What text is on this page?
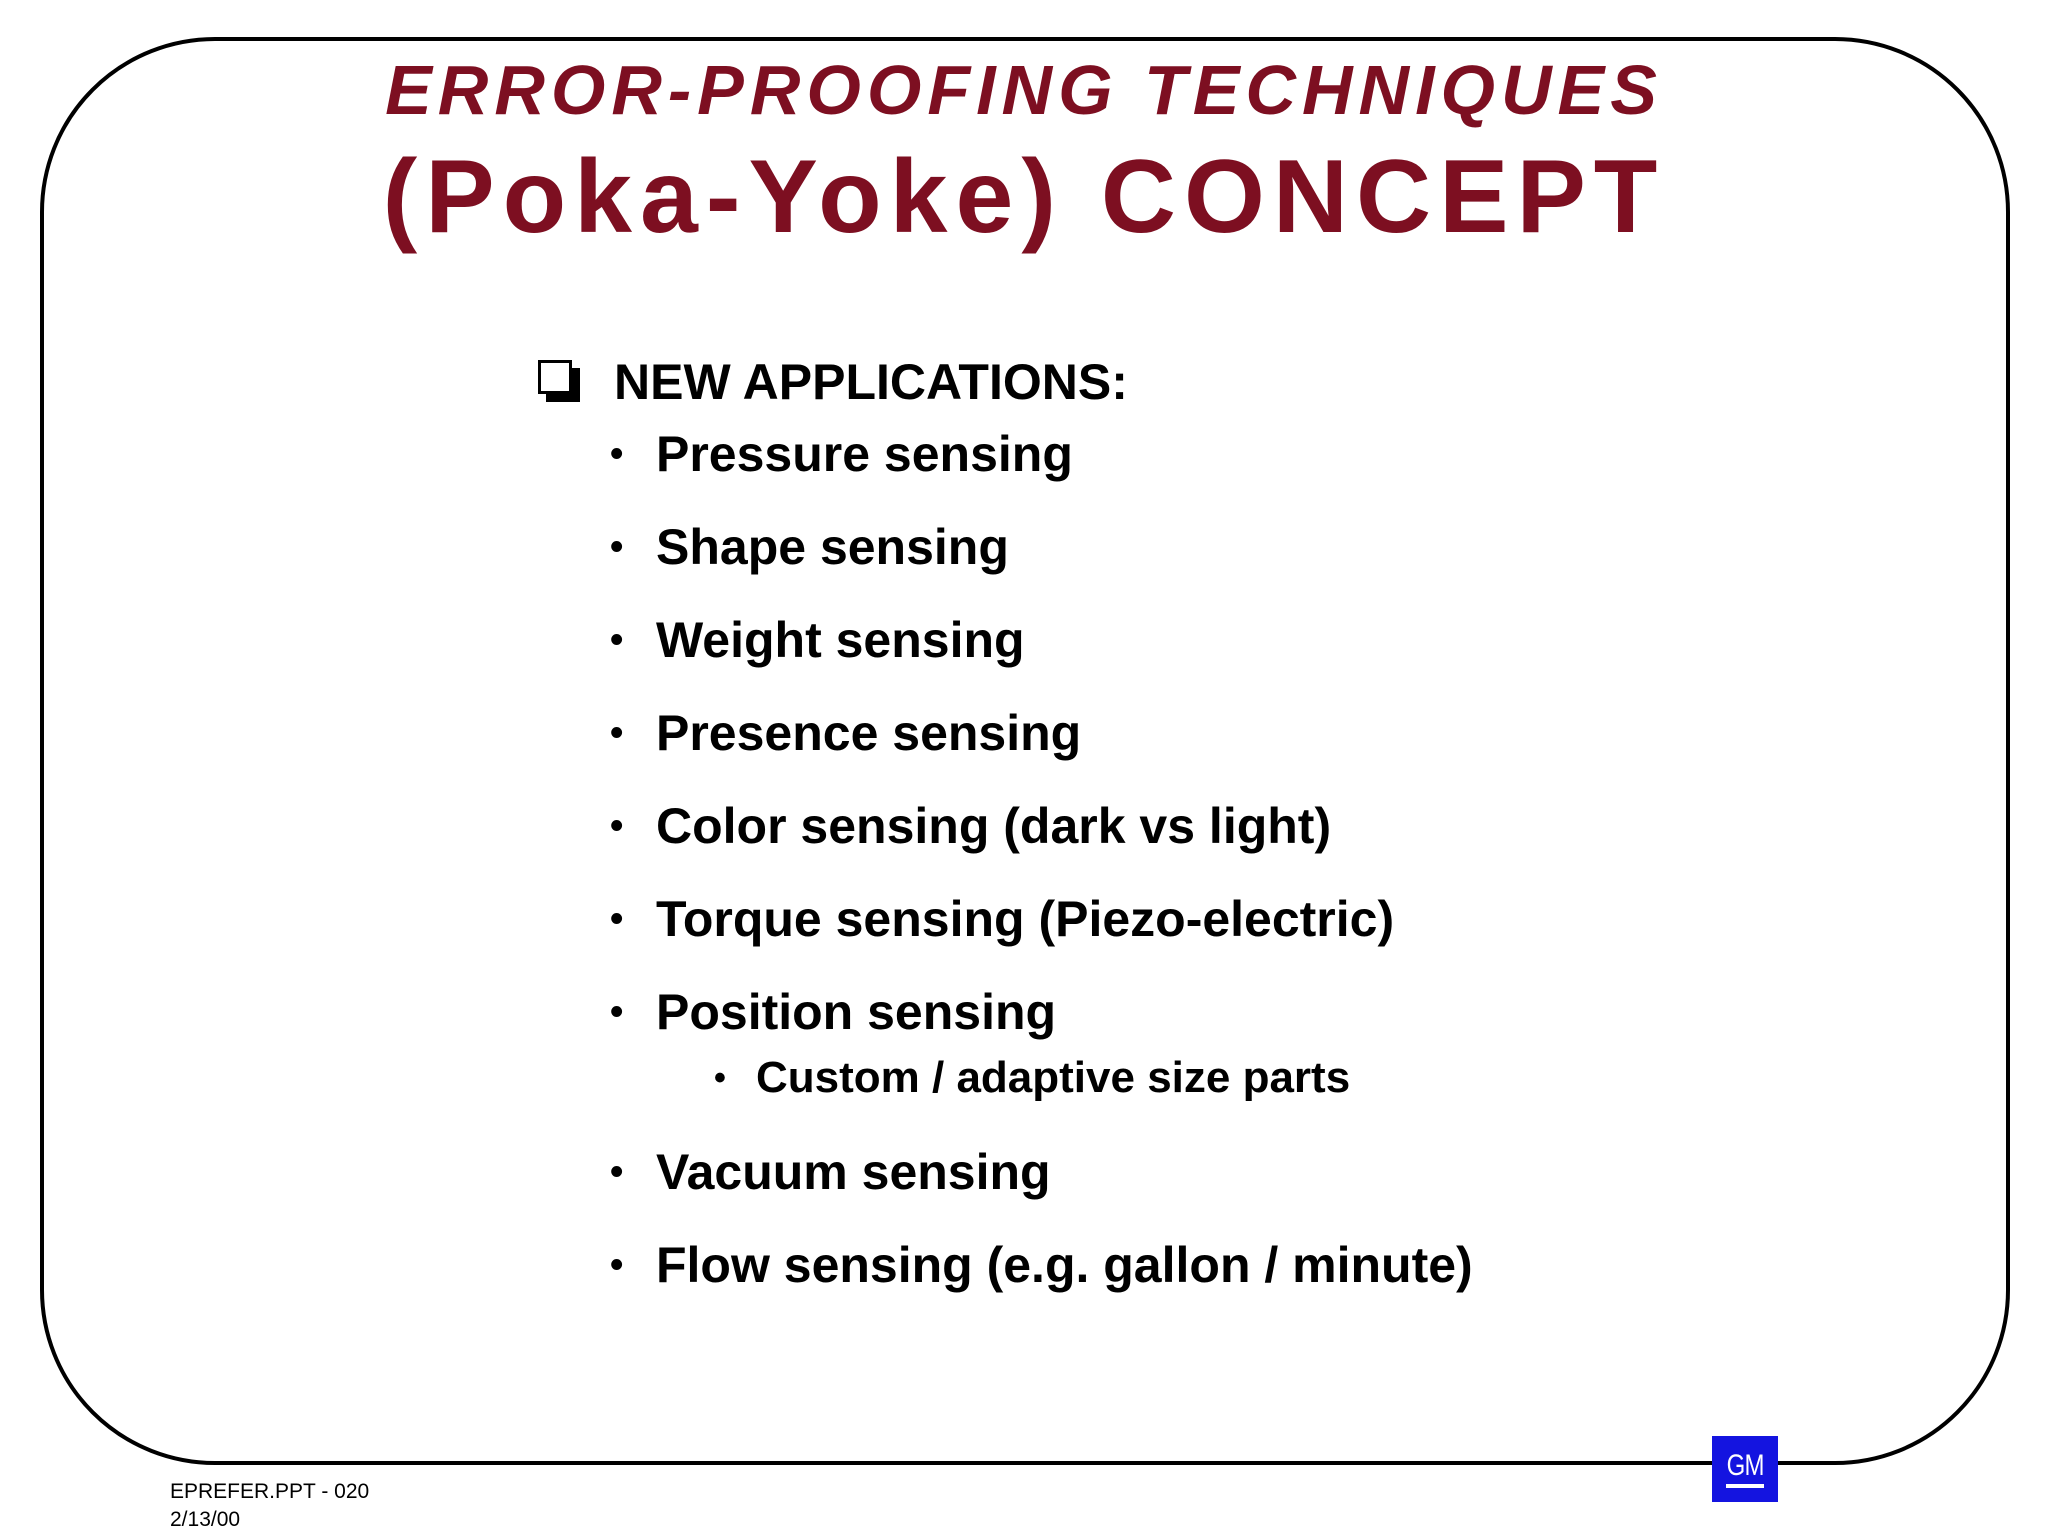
ERROR-PROOFING TECHNIQUES
(Poka-Yoke) CONCEPT
NEW APPLICATIONS:
• Pressure sensing
• Shape sensing
• Weight sensing
• Presence sensing
• Color sensing (dark vs light)
• Torque sensing (Piezo-electric)
• Position sensing
• Custom / adaptive size parts
• Vacuum sensing
• Flow sensing (e.g. gallon / minute)
EPREFER.PPT - 020
2/13/00
GM
